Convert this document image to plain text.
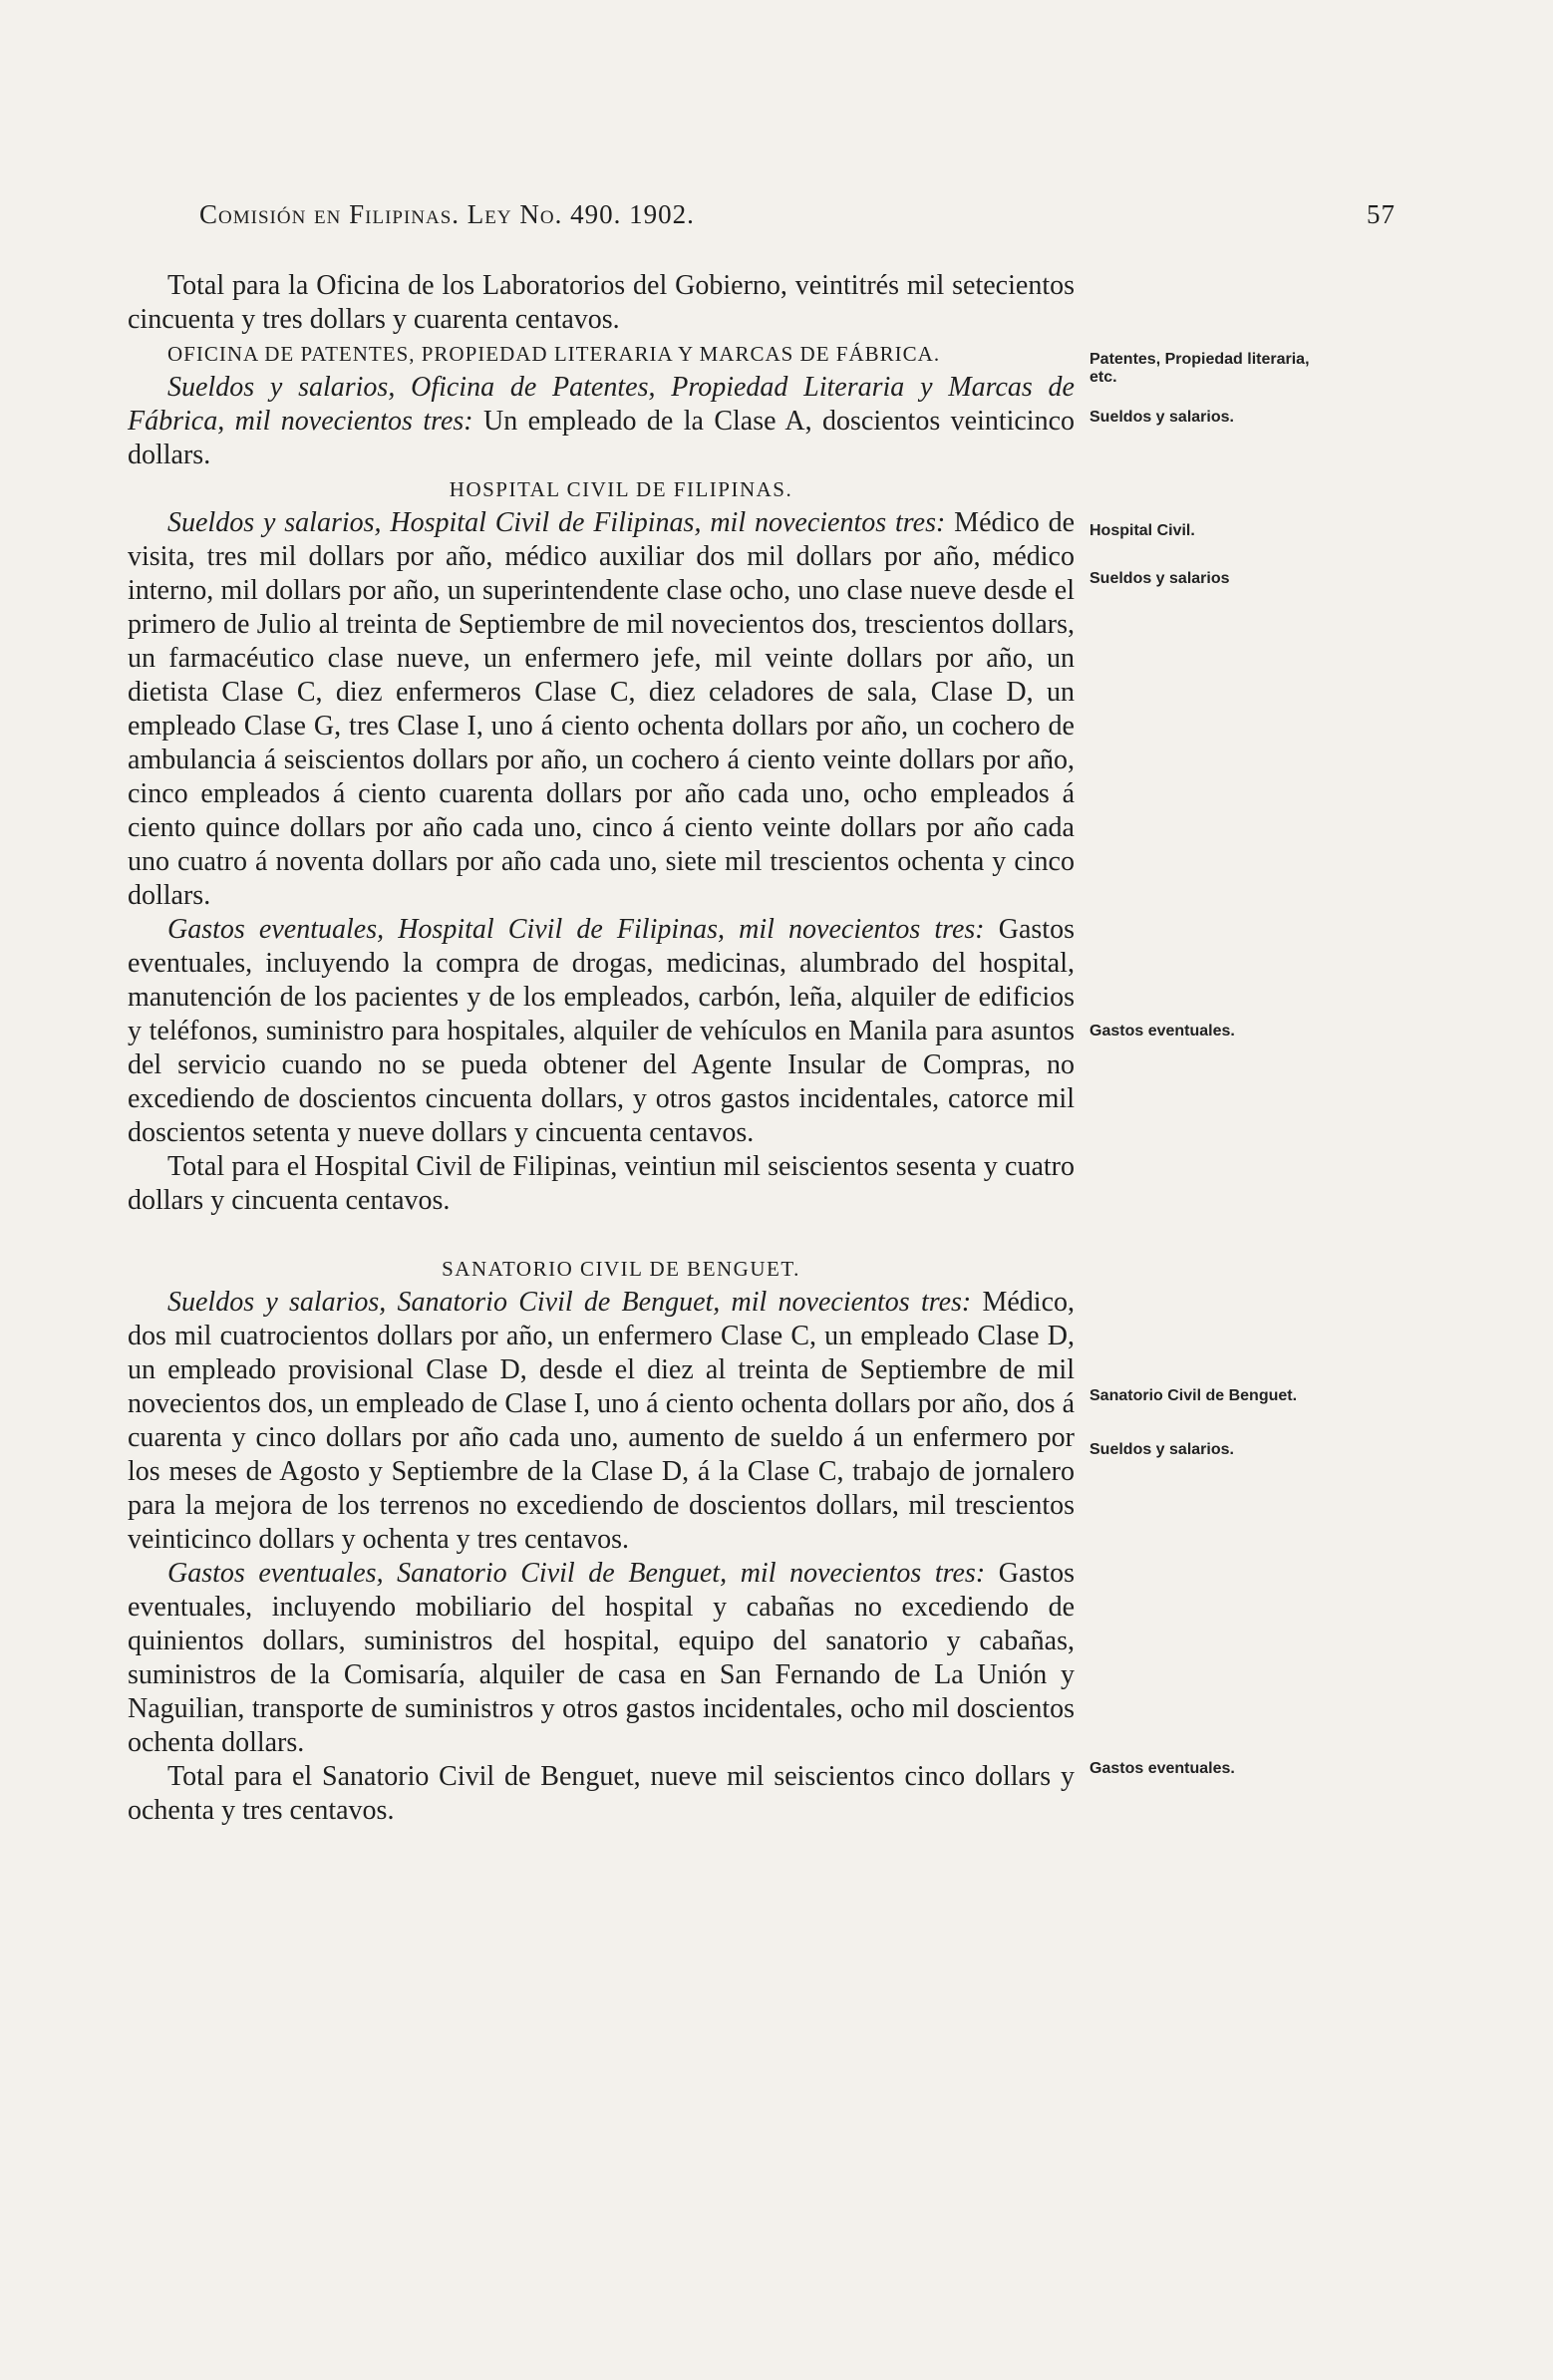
Comisión en Filipinas. Ley No. 490. 1902.	57

Total para la Oficina de los Laboratorios del Gobierno, veintitrés mil setecientos cincuenta y tres dollars y cuarenta centavos.

OFICINA DE PATENTES, PROPIEDAD LITERARIA Y MARCAS DE FÁBRICA.

Sueldos y salarios, Oficina de Patentes, Propiedad Literaria y Marcas de Fábrica, mil novecientos tres: Un empleado de la Clase A, doscientos veinticinco dollars.

HOSPITAL CIVIL DE FILIPINAS.

Sueldos y salarios, Hospital Civil de Filipinas, mil novecientos tres: Médico de visita, tres mil dollars por año, médico auxiliar dos mil dollars por año, médico interno, mil dollars por año, un superintendente clase ocho, uno clase nueve desde el primero de Julio al treinta de Septiembre de mil novecientos dos, trescientos dollars, un farmacéutico clase nueve, un enfermero jefe, mil veinte dollars por año, un dietista Clase C, diez enfermeros Clase C, diez celadores de sala, Clase D, un empleado Clase G, tres Clase I, uno á ciento ochenta dollars por año, un cochero de ambulancia á seiscientos dollars por año, un cochero á ciento veinte dollars por año, cinco empleados á ciento cuarenta dollars por año cada uno, ocho empleados á ciento quince dollars por año cada uno, cinco á ciento veinte dollars por año cada uno cuatro á noventa dollars por año cada uno, siete mil trescientos ochenta y cinco dollars.

Gastos eventuales, Hospital Civil de Filipinas, mil novecientos tres: Gastos eventuales, incluyendo la compra de drogas, medicinas, alumbrado del hospital, manutención de los pacientes y de los empleados, carbón, leña, alquiler de edificios y teléfonos, suministro para hospitales, alquiler de vehículos en Manila para asuntos del servicio cuando no se pueda obtener del Agente Insular de Compras, no excediendo de doscientos cincuenta dollars, y otros gastos incidentales, catorce mil doscientos setenta y nueve dollars y cincuenta centavos.

Total para el Hospital Civil de Filipinas, veintiun mil seiscientos sesenta y cuatro dollars y cincuenta centavos.

SANATORIO CIVIL DE BENGUET.

Sueldos y salarios, Sanatorio Civil de Benguet, mil novecientos tres: Médico, dos mil cuatrocientos dollars por año, un enfermero Clase C, un empleado Clase D, un empleado provisional Clase D, desde el diez al treinta de Septiembre de mil novecientos dos, un empleado de Clase I, uno á ciento ochenta dollars por año, dos á cuarenta y cinco dollars por año cada uno, aumento de sueldo á un enfermero por los meses de Agosto y Septiembre de la Clase D, á la Clase C, trabajo de jornalero para la mejora de los terrenos no excediendo de doscientos dollars, mil trescientos veinticinco dollars y ochenta y tres centavos.

Gastos eventuales, Sanatorio Civil de Benguet, mil novecientos tres: Gastos eventuales, incluyendo mobiliario del hospital y cabañas no excediendo de quinientos dollars, suministros del hospital, equipo del sanatorio y cabañas, suministros de la Comisaría, alquiler de casa en San Fernando de La Unión y Naguilian, transporte de suministros y otros gastos incidentales, ocho mil doscientos ochenta dollars.

Total para el Sanatorio Civil de Benguet, nueve mil seiscientos cinco dollars y ochenta y tres centavos.

Patentes, Propiedad literaria, etc.
Sueldos y salarios.
Hospital Civil.
Sueldos y salarios
Gastos eventuales.
Sanatorio Civil de Benguet.
Sueldos y salarios.
Gastos eventuales.
